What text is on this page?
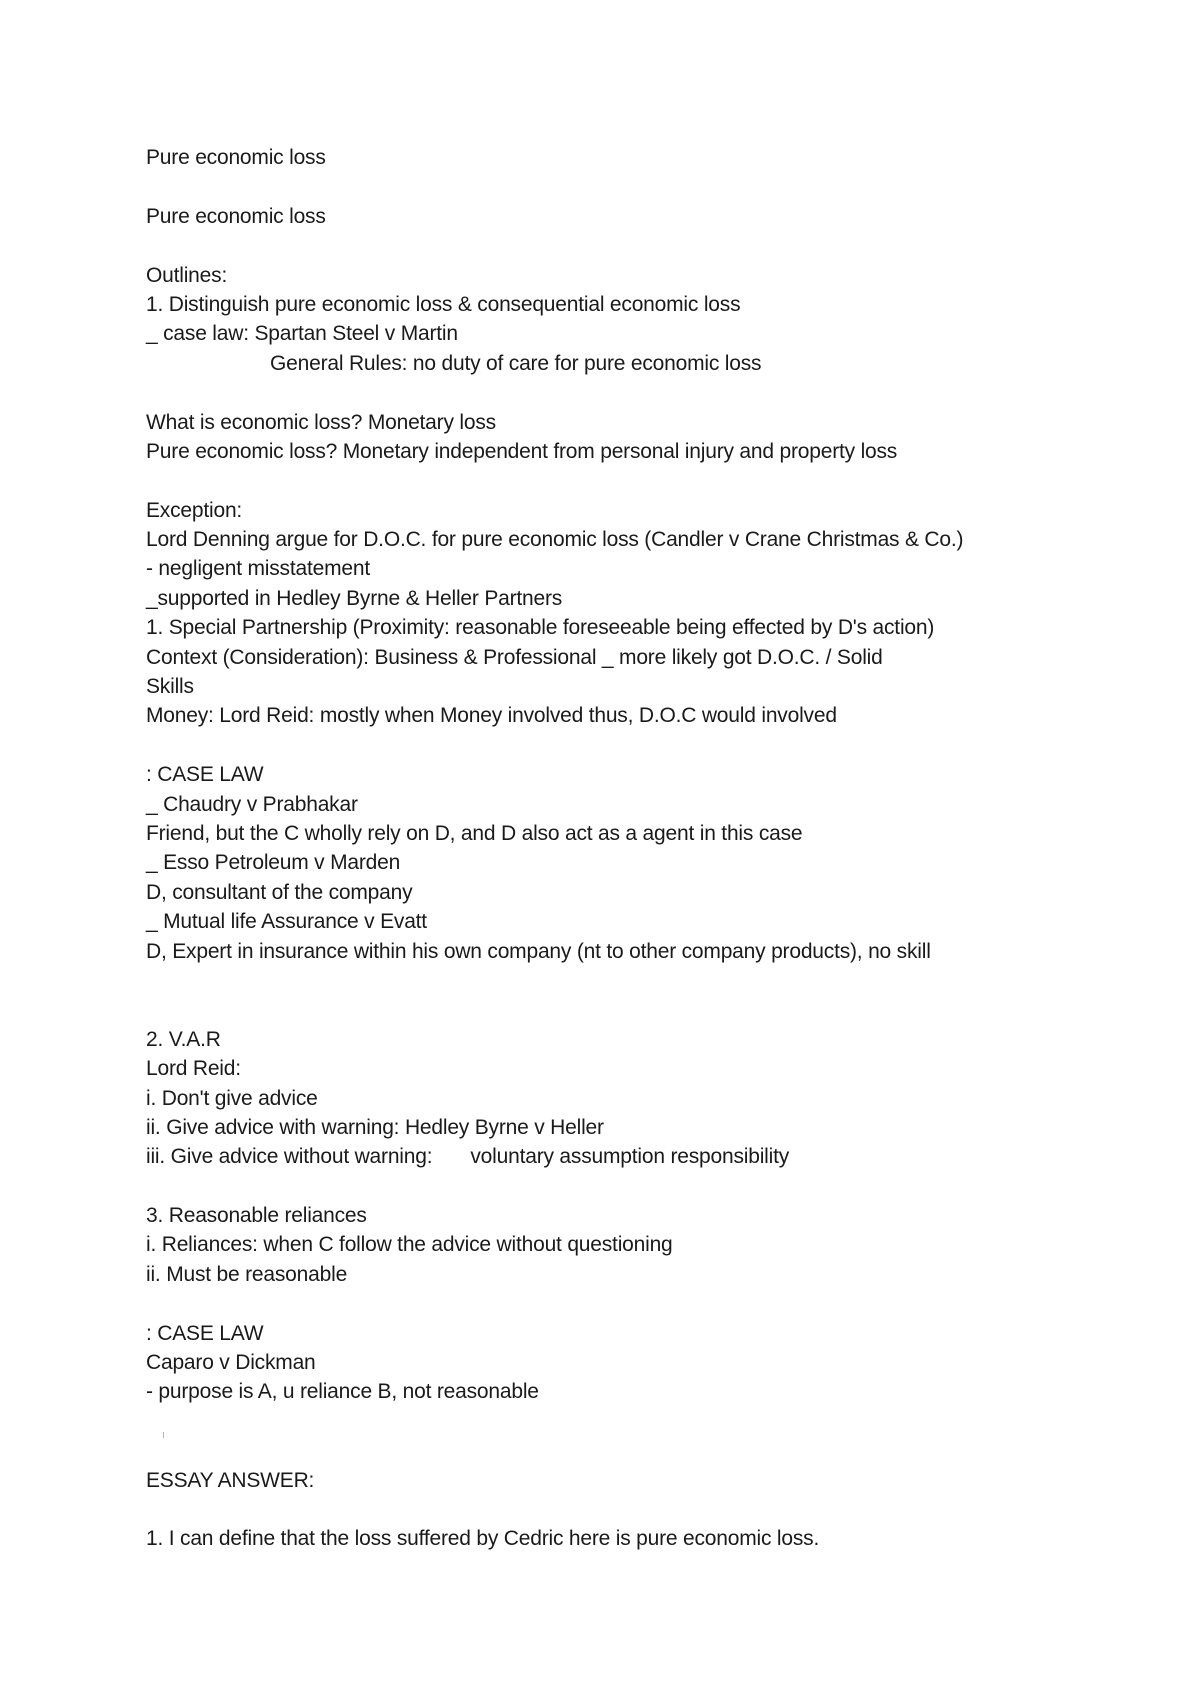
Pure economic loss
Pure economic loss
Outlines:
1. Distinguish pure economic loss & consequential economic loss
_ case law: Spartan Steel v Martin
General Rules: no duty of care for pure economic loss
What is economic loss? Monetary loss
Pure economic loss? Monetary independent from personal injury and property loss
Exception:
Lord Denning argue for D.O.C. for pure economic loss (Candler v Crane Christmas & Co.)
- negligent misstatement
_supported in Hedley Byrne & Heller Partners
1. Special Partnership (Proximity: reasonable foreseeable being effected by D's action)
Context (Consideration): Business & Professional _ more likely got D.O.C. / Solid
Skills
Money: Lord Reid: mostly when Money involved thus, D.O.C would involved
: CASE LAW
_ Chaudry v Prabhakar
Friend, but the C wholly rely on D, and D also act as a agent in this case
_ Esso Petroleum v Marden
D, consultant of the company
_ Mutual life Assurance v Evatt
D, Expert in insurance within his own company (nt to other company products), no skill
2. V.A.R
Lord Reid:
i. Don't give advice
ii. Give advice with warning: Hedley Byrne v Heller
iii. Give advice without warning: voluntary assumption responsibility
3. Reasonable reliances
i. Reliances: when C follow the advice without questioning
ii. Must be reasonable
: CASE LAW
Caparo v Dickman
- purpose is A, u reliance B, not reasonable
ESSAY ANSWER:
1. I can define that the loss suffered by Cedric here is pure economic loss.
